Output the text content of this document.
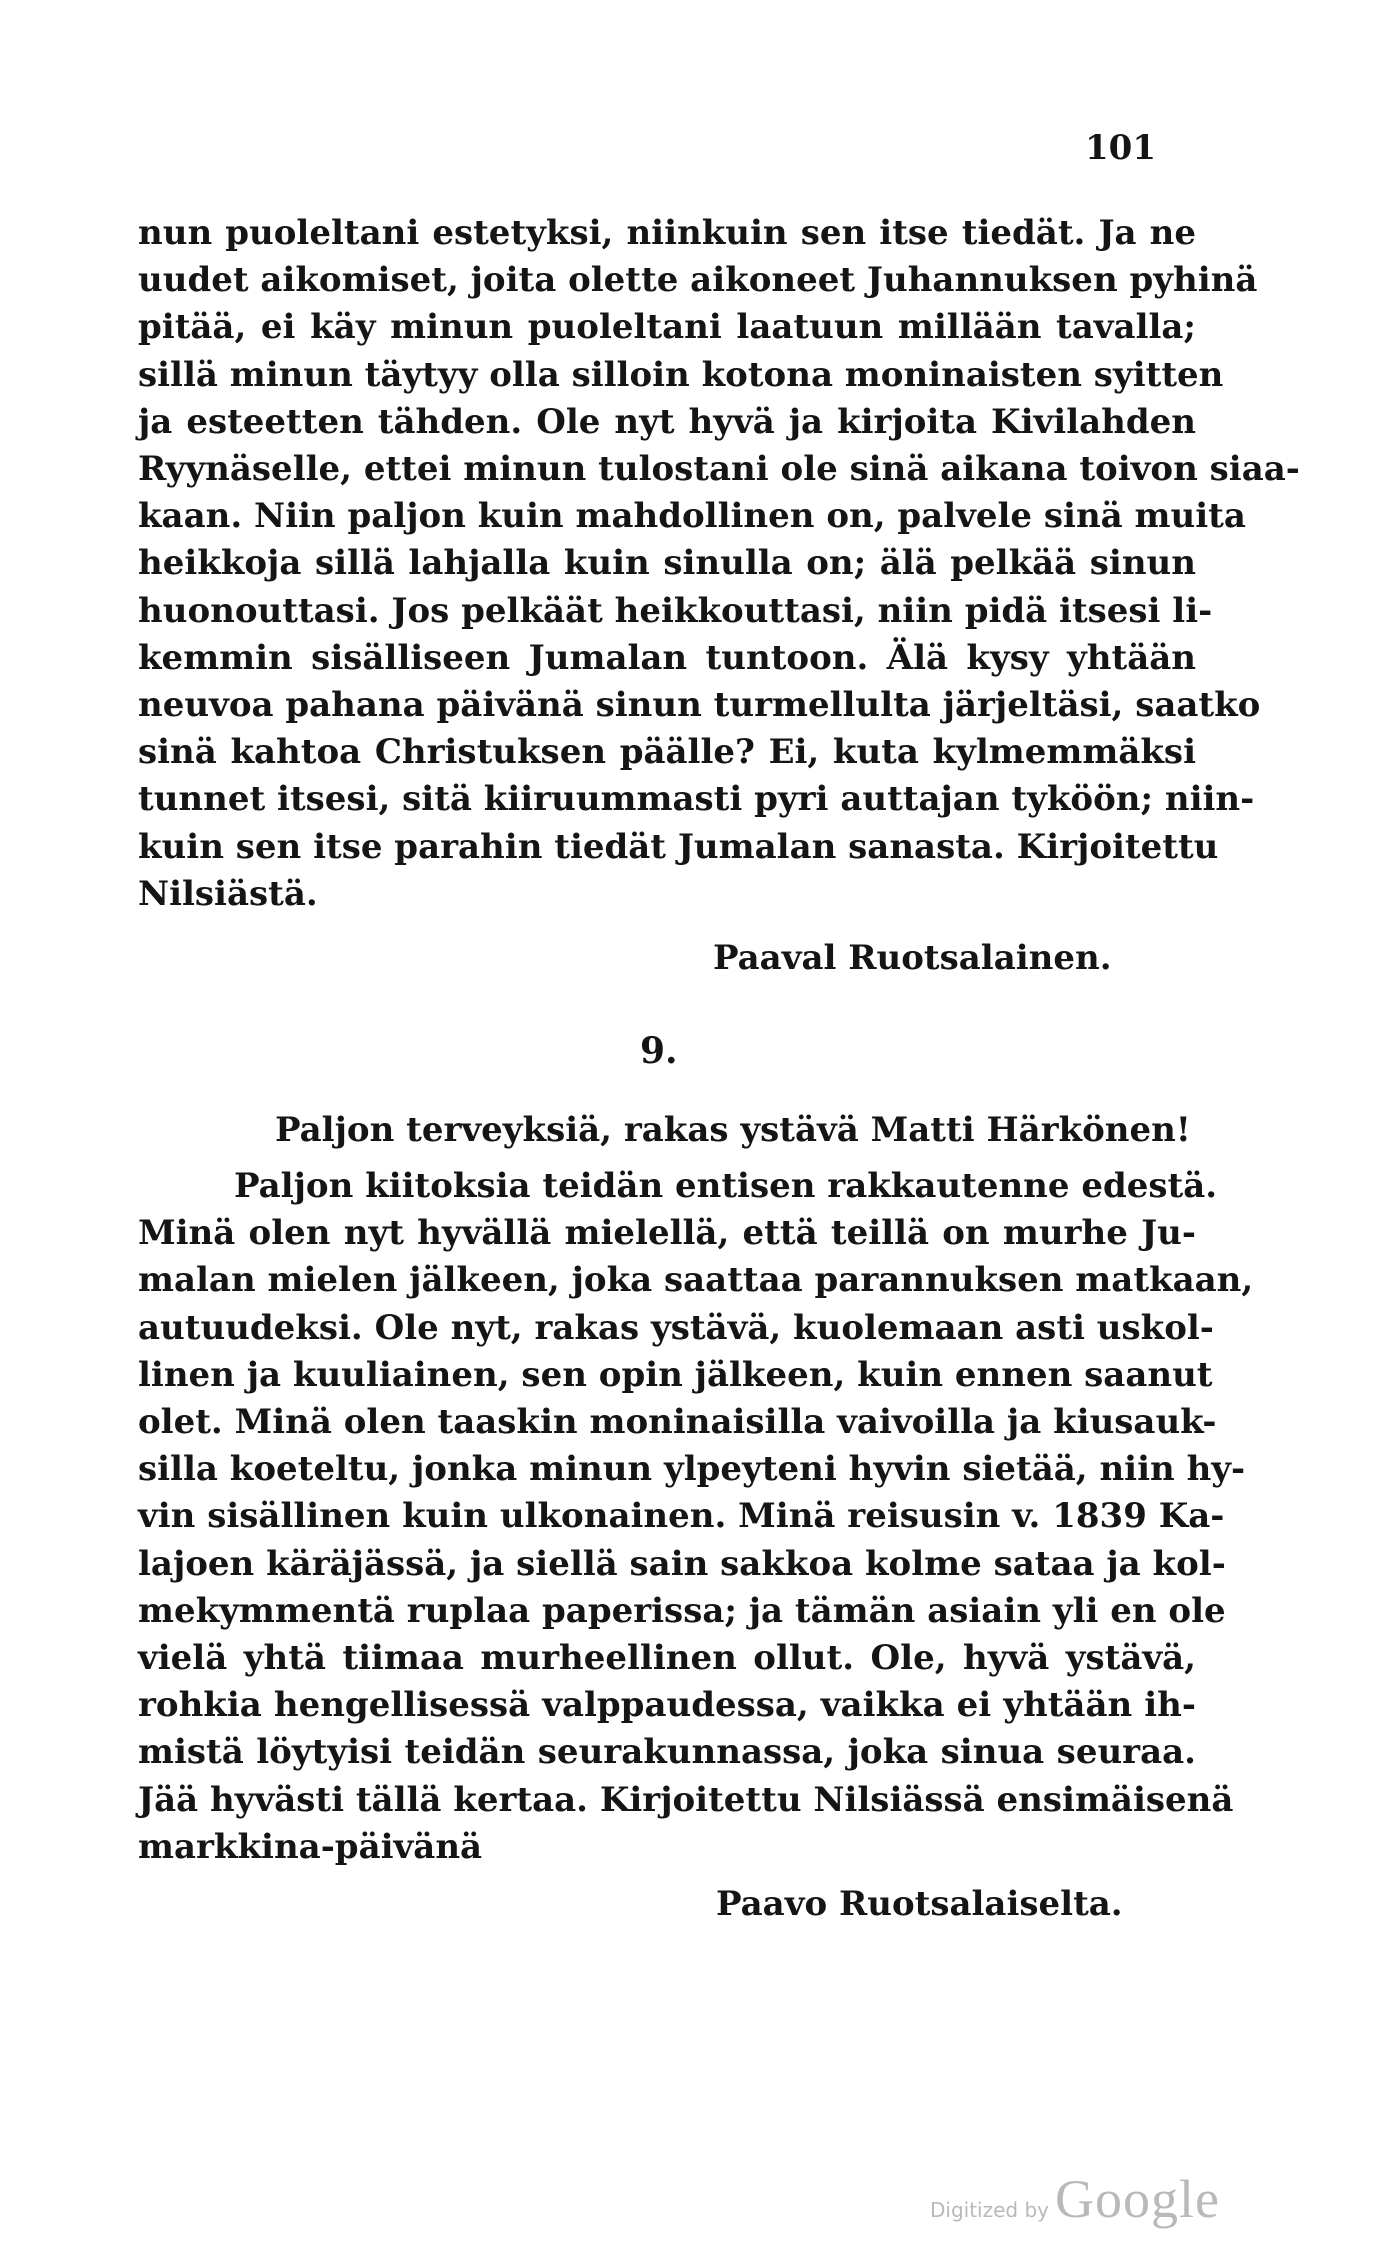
101
nun puoleltani estetyksi, niinkuin sen itse tiedät. Ja ne
uudet aikomiset, joita olette aikoneet Juhannuksen pyhinä
pitää, ei käy minun puoleltani laatuun millään tavalla;
sillä minun täytyy olla silloin kotona moninaisten syitten
ja esteetten tähden. Ole nyt hyvä ja kirjoita Kivilahden
Ryynäselle, ettei minun tulostani ole sinä aikana toivon siaa-
kaan. Niin paljon kuin mahdollinen on, palvele sinä muita
heikkoja sillä lahjalla kuin sinulla on; älä pelkää sinun
huonouttasi. Jos pelkäät heikkouttasi, niin pidä itsesi li-
kemmin sisälliseen Jumalan tuntoon. Älä kysy yhtään
neuvoa pahana päivänä sinun turmellulta järjeltäsi, saatko
sinä kahtoa Christuksen päälle? Ei, kuta kylmemmäksi
tunnet itsesi, sitä kiiruummasti pyri auttajan tyköön; niin-
kuin sen itse parahin tiedät Jumalan sanasta. Kirjoitettu
Nilsiästä.
Paaval Ruotsalainen.
9.
Paljon terveyksiä, rakas ystävä Matti Härkönen!
Paljon kiitoksia teidän entisen rakkautenne edestä.
Minä olen nyt hyvällä mielellä, että teillä on murhe Ju-
malan mielen jälkeen, joka saattaa parannuksen matkaan,
autuudeksi. Ole nyt, rakas ystävä, kuolemaan asti uskol-
linen ja kuuliainen, sen opin jälkeen, kuin ennen saanut
olet. Minä olen taaskin moninaisilla vaivoilla ja kiusauk-
silla koeteltu, jonka minun ylpeyteni hyvin sietää, niin hy-
vin sisällinen kuin ulkonainen. Minä reisusin v. 1839 Ka-
lajoen käräjässä, ja siellä sain sakkoa kolme sataa ja kol-
mekymmentä ruplaa paperissa; ja tämän asiain yli en ole
vielä yhtä tiimaa murheellinen ollut. Ole, hyvä ystävä,
rohkia hengellisessä valppaudessa, vaikka ei yhtään ih-
mistä löytyisi teidän seurakunnassa, joka sinua seuraa.
Jää hyvästi tällä kertaa. Kirjoitettu Nilsiässä ensimäisenä
markkina-päivänä
Paavo Ruotsalaiselta.
Digitized by Google
